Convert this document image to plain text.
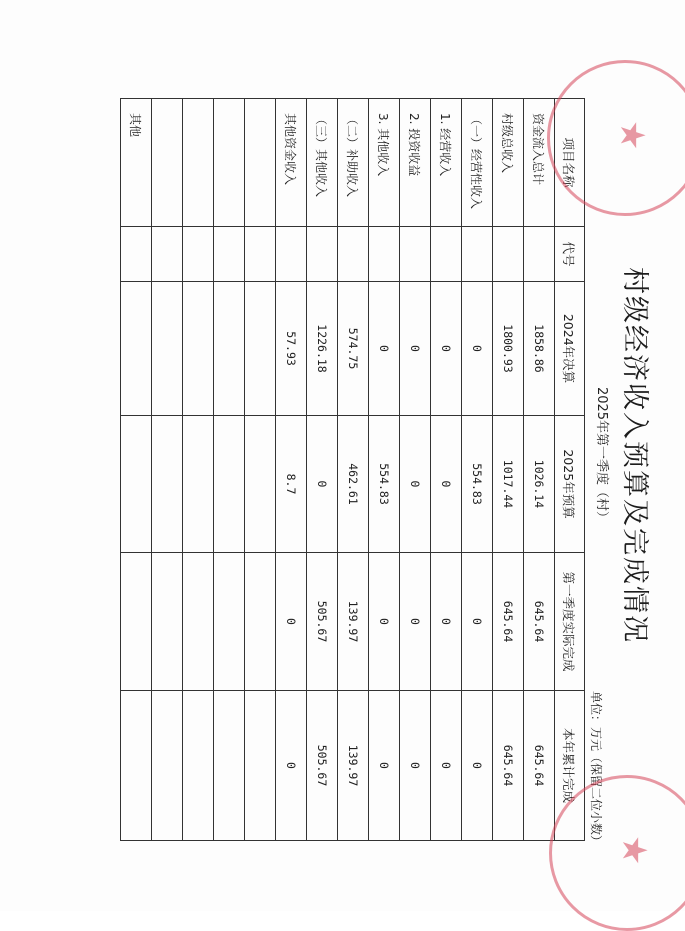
村级经济收入预算及完成情况
2025年第一季度（村）
单位：万元（保留二位小数）
项目名称	代号	2024年决算	2025年预算	第一季度实际完成	本年累计完成
资金流入总计		1858.86	1026.14	645.64	645.64
村级总收入		1800.93	1017.44	645.64	645.64
（一）经营性收入		0	554.83	0	0
1. 经营收入		0	0	0	0
2. 投资收益		0	0	0	0
3. 其他收入		0	554.83	0	0
（二）补助收入		574.75	462.61	139.97	139.97
（三）其他收入		1226.18	0	505.67	505.67
其他资金收入		57.93	8.7	0	0

其他						★
★
